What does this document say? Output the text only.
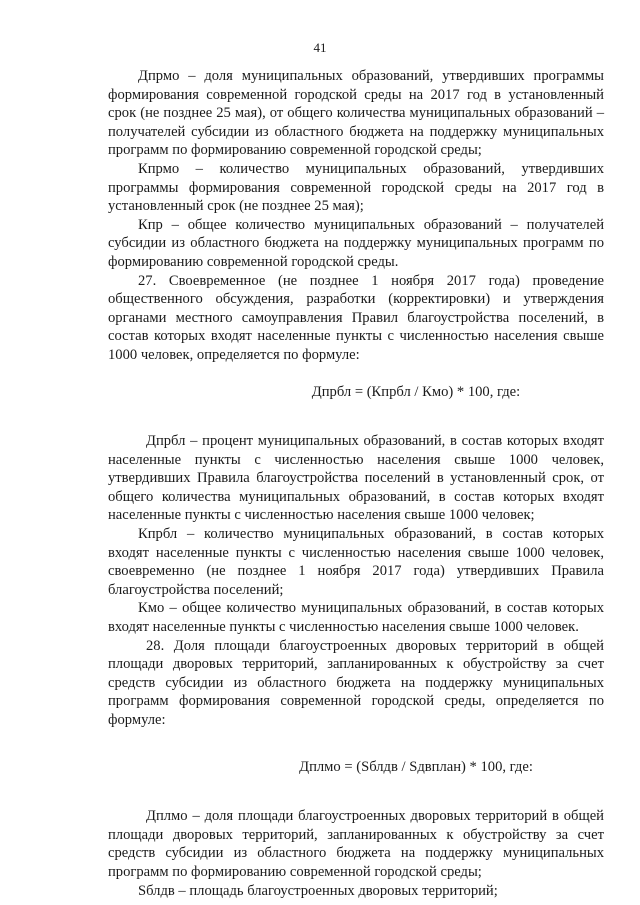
41

Дпрмо – доля муниципальных образований, утвердивших программы формирования современной городской среды на 2017 год в установленный срок (не позднее 25 мая), от общего количества муниципальных образований – получателей субсидии из областного бюджета на поддержку муниципальных программ по формированию современной городской среды;

Кпрмо – количество муниципальных образований, утвердивших программы формирования современной городской среды на 2017 год в установленный срок (не позднее 25 мая);

Кпр – общее количество муниципальных образований – получателей субсидии из областного бюджета на поддержку муниципальных программ по формированию современной городской среды.

27. Своевременное (не позднее 1 ноября 2017 года) проведение общественного обсуждения, разработки (корректировки) и утверждения органами местного самоуправления Правил благоустройства поселений, в состав которых входят населенные пункты с численностью населения свыше 1000 человек, определяется по формуле:

Дпрбл = (Кпрбл / Кмо) * 100, где:

Дпрбл – процент муниципальных образований, в состав которых входят населенные пункты с численностью населения свыше 1000 человек, утвердивших Правила благоустройства поселений в установленный срок, от общего количества муниципальных образований, в состав которых входят населенные пункты с численностью населения свыше 1000 человек;

Кпрбл – количество муниципальных образований, в состав которых входят населенные пункты с численностью населения свыше 1000 человек, своевременно (не позднее 1 ноября 2017 года) утвердивших Правила благоустройства поселений;

Кмо – общее количество муниципальных образований, в состав которых входят населенные пункты с численностью населения свыше 1000 человек.

28. Доля площади благоустроенных дворовых территорий в общей площади дворовых территорий, запланированных к обустройству за счет средств субсидии из областного бюджета на поддержку муниципальных программ формирования современной городской среды, определяется по формуле:

Дплмо = (Sблдв / Sдвплан) * 100, где:

Дплмо – доля площади благоустроенных дворовых территорий в общей площади дворовых территорий, запланированных к обустройству за счет средств субсидии из областного бюджета на поддержку муниципальных программ по формированию современной городской среды;

Sблдв – площадь благоустроенных дворовых территорий;
